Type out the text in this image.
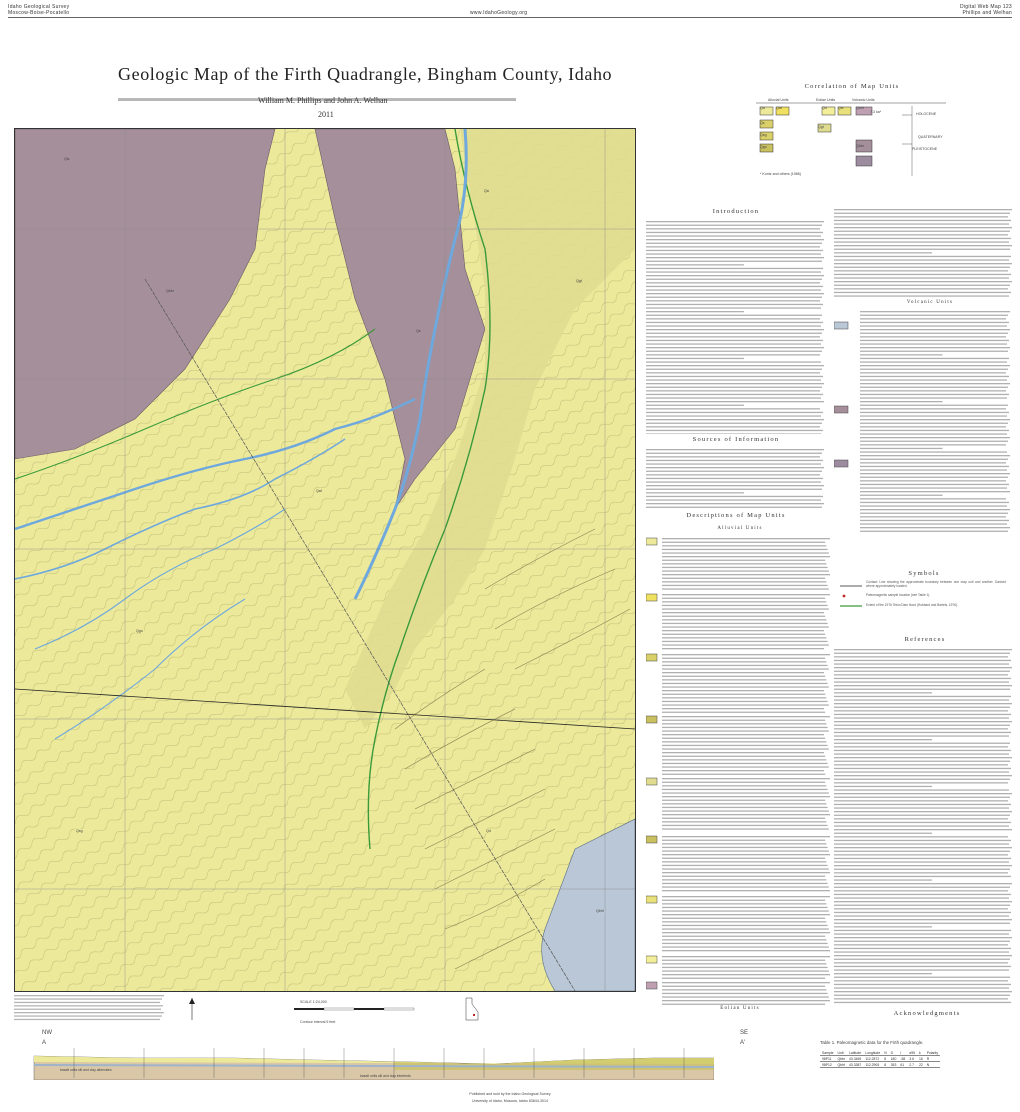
Idaho Geological Survey
Moscow-Boise-Pocatello	www.IdahoGeology.org
Digital Web Map 123
Phillips and Welhan
Geologic Map of the Firth Quadrangle, Bingham County, Idaho
William M. Phillips and John A. Welhan
2011
Correlation of Map Units
Alluvial Units	Eolian Units	Volcanic Units
Qa	Qaf	Qd	Qls	Qbhf
Qs
Qgt
Qsg
Qgo	Qbbr
7.3 ka*	HOLOCENE
QUATERNARY
PLEISTOCENE
* Kuntz and others (1986)
Qls
Qa
Qaf
Qgo
Qsg
Qs
Qbbr
Qd
Qbhf
Qgt
Introduction
Sources of Information
Descriptions of Map Units
Alluvial Units
Volcanic Units
Symbols
Contact: Line showing the approximate boundary between one map unit and another. Dashed where approximately located.
Paleomagnetic sample location (see Table 1).
Extent of the 1976 Teton Dam flood (Hubbard and Bartels, 1976).
References
Acknowledgments
Eolian Units
SCALE 1:24,000
Contour interval 5 feet
NW
A
SE
A'
basalt units silt and clay alternates
basalt units silt and clay interbeds
Table 1. Paleomagnetic data for the Firth quadrangle.
Sample	Unit	Latitude	Longitude	N	D	I	α95	k	Polarity
98P11	Qbbr	43.3469	112.2872	8	180	-58	3.6	16	R
98P12	Qbhf	43.3387	112.2905	8	353	61	2.7	22	N
Published and sold by the Idaho Geological Survey
University of Idaho, Moscow, Idaho 83844-3014
